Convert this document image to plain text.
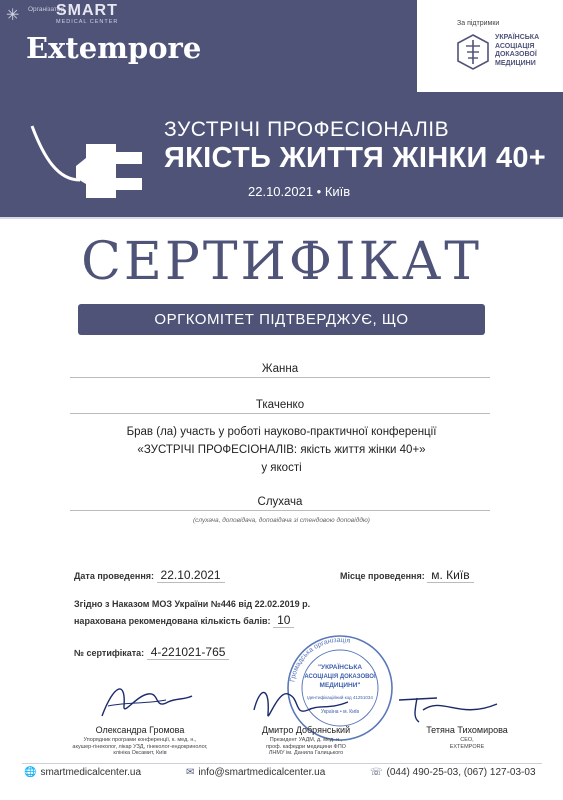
✳	Організатор
SMART
MEDICAL CENTER
Extempore
За підтримки
УКРАЇНСЬКА
АСОЦІАЦІЯ
ДОКАЗОВОЇ
МЕДИЦИНИ
ЗУСТРІЧІ ПРОФЕСІОНАЛІВ
ЯКІСТЬ ЖИТТЯ ЖІНКИ 40+
22.10.2021 • Київ
СЕРТИФІКАТ
ОРГКОМІТЕТ ПІДТВЕРДЖУЄ, ЩО
Жанна
Ткаченко
Брав (ла) участь у роботі науково-практичної конференції
«ЗУСТРІЧІ ПРОФЕСІОНАЛІВ: якість життя жінки 40+»
у якості
Слухача
(слухача, доповідача, доповідача зі стендовою доповіддю)
Дата проведення: 22.10.2021	Місце проведення: м. Київ
Згідно з Наказом МОЗ України №446 від 22.02.2019 р.
нарахована рекомендована кількість балів: 10
№ сертифіката: 4-221021-765
Громадська організація
"УКРАЇНСЬКА
АСОЦІАЦІЯ ДОКАЗОВОЇ
МЕДИЦИНИ"
Ідентифікаційний код 41251034
Україна • м. Київ
Олександра Громова
Упорядник програми конференції, к. мед. н.,
акушер-гінеколог, лікар УЗД, гінеколог-ендокринолог,
клініка Оксамит, Київ
Дмитро Добрянський
Президент УАДМ, д. мед. н.,
проф. кафедри медицини ФПО
ЛНМУ ім. Данила Галицького
Тетяна Тихомирова
CEO,
EXTEMPORE
🌐 smartmedicalcenter.ua	✉ info@smartmedicalcenter.ua	☏ (044) 490-25-03, (067) 127-03-03
